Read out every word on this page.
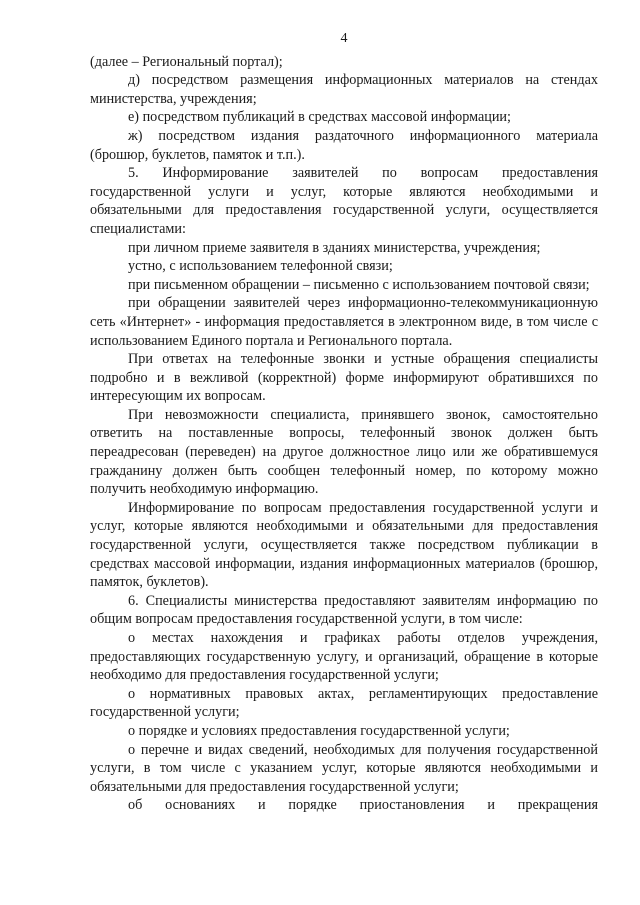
4

(далее – Региональный портал);

д) посредством размещения информационных материалов на стендах министерства, учреждения;

е) посредством публикаций в средствах массовой информации;

ж) посредством издания раздаточного информационного материала (брошюр, буклетов, памяток и т.п.).

5. Информирование заявителей по вопросам предоставления государственной услуги и услуг, которые являются необходимыми и обязательными для предоставления государственной услуги, осуществляется специалистами:

при личном приеме заявителя в зданиях министерства, учреждения;

устно, с использованием телефонной связи;

при письменном обращении – письменно с использованием почтовой связи;

при обращении заявителей через информационно-телекоммуникационную сеть «Интернет» - информация предоставляется в электронном виде, в том числе с использованием Единого портала и Регионального портала.

При ответах на телефонные звонки и устные обращения специалисты подробно и в вежливой (корректной) форме информируют обратившихся по интересующим их вопросам.

При невозможности специалиста, принявшего звонок, самостоятельно ответить на поставленные вопросы, телефонный звонок должен быть переадресован (переведен) на другое должностное лицо или же обратившемуся гражданину должен быть сообщен телефонный номер, по которому можно получить необходимую информацию.

Информирование по вопросам предоставления государственной услуги и услуг, которые являются необходимыми и обязательными для предоставления государственной услуги, осуществляется также посредством публикации в средствах массовой информации, издания информационных материалов (брошюр, памяток, буклетов).

6. Специалисты министерства предоставляют заявителям информацию по общим вопросам предоставления государственной услуги, в том числе:

о местах нахождения и графиках работы отделов учреждения, предоставляющих государственную услугу, и организаций, обращение в которые необходимо для предоставления государственной услуги;

о нормативных правовых актах, регламентирующих предоставление государственной услуги;

о порядке и условиях предоставления государственной услуги;

о перечне и видах сведений, необходимых для получения государственной услуги, в том числе с указанием услуг, которые являются необходимыми и обязательными для предоставления государственной услуги;

об основаниях и порядке приостановления и прекращения
